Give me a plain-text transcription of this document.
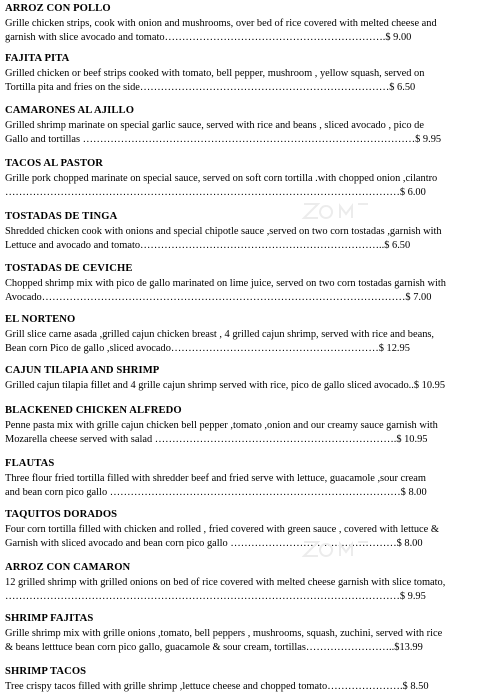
ARROZ CON POLLO
Grille chicken strips, cook with onion and mushrooms, over bed of rice covered with melted cheese and
garnish with slice avocado and tomato……………………………………………………….$ 9.00
FAJITA PITA
Grilled chicken or beef strips cooked with tomato, bell pepper, mushroom , yellow squash, served on
Tortilla pita and fries on the side………………………………………………………………$ 6.50
CAMARONES AL AJILLO
Grilled shrimp marinate on special garlic sauce, served with rice and beans , sliced avocado , pico de
Gallo and tortillas ……………………………………………………………………………………$ 9.95
TACOS AL PASTOR
Grille pork chopped marinate on special sauce, served on soft corn tortilla .with chopped onion ,cilantro
……………………………………………………………………………………………………$ 6.00
TOSTADAS DE TINGA
Shredded chicken cook with onions and special chipotle sauce ,served on two corn tostadas ,garnish with
Lettuce and avocado and tomato……………………………………………………………..$ 6.50
TOSTADAS DE CEVICHE
Chopped shrimp mix with pico de gallo marinated on lime juice, served on two corn tostadas garnish with
Avocado……………………………………………………………………………………………$ 7.00
EL NORTENO
Grill slice carne asada ,grilled cajun chicken breast , 4 grilled cajun shrimp, served with rice and beans,
Bean corn Pico de gallo ,sliced avocado……………………………………………………$ 12.95
CAJUN TILAPIA AND SHRIMP
Grilled cajun tilapia fillet and 4 grille cajun shrimp served with rice, pico de gallo sliced avocado..$ 10.95
BLACKENED CHICKEN ALFREDO
Penne pasta mix with grille cajun chicken bell pepper ,tomato ,onion and our creamy sauce garnish with
Mozarella cheese served with salad …………………………………………………………….$ 10.95
FLAUTAS
Three flour fried tortilla filled with shredder beef and fried serve with lettuce, guacamole ,sour cream
and bean corn pico gallo …………………………………………………………………………$ 8.00
TAQUITOS DORADOS
Four corn tortilla filled with chicken and rolled , fried covered with green sauce , covered with lettuce &
Garnish with sliced avocado and bean corn pico gallo …………………………………………$ 8.00
ARROZ CON CAMARON
12 grilled shrimp with grilled onions on bed of rice covered with melted cheese garnish with slice tomato,
……………………………………………………………………………………………………$ 9.95
SHRIMP FAJITAS
Grille shrimp mix with grille onions ,tomato, bell peppers , mushrooms, squash, zuchini, served with rice
& beans letttuce bean corn pico gallo, guacamole & sour cream, tortillas……………………..$13.99
SHRIMP TACOS
Tree crispy tacos filled with grille shrimp ,lettuce cheese and chopped tomato………………….$ 8.50
